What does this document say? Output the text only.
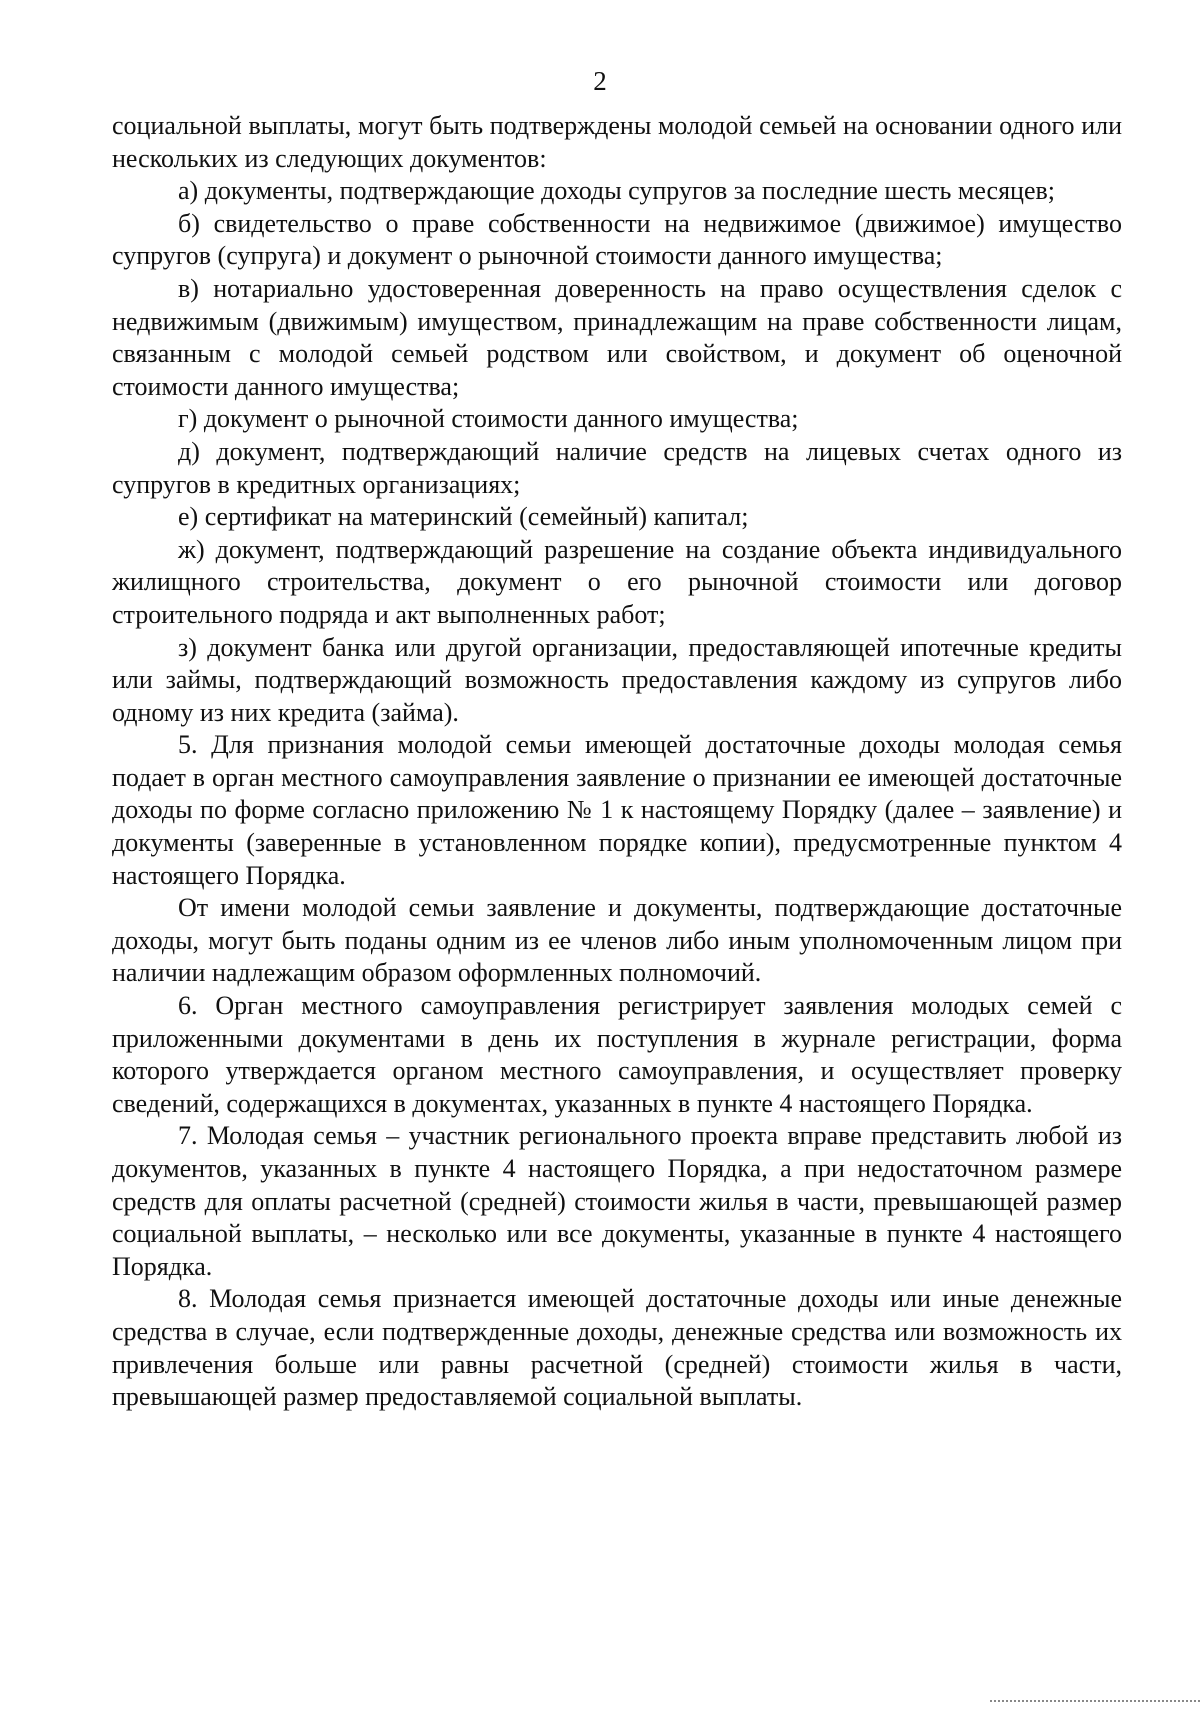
2

социальной выплаты, могут быть подтверждены молодой семьей на основании одного или нескольких из следующих документов:

а) документы, подтверждающие доходы супругов за последние шесть месяцев;

б) свидетельство о праве собственности на недвижимое (движимое) имущество супругов (супруга) и документ о рыночной стоимости данного имущества;

в) нотариально удостоверенная доверенность на право осуществления сделок с недвижимым (движимым) имуществом, принадлежащим на праве собственности лицам, связанным с молодой семьей родством или свойством, и документ об оценочной стоимости данного имущества;

г) документ о рыночной стоимости данного имущества;

д) документ, подтверждающий наличие средств на лицевых счетах одного из супругов в кредитных организациях;

е) сертификат на материнский (семейный) капитал;

ж) документ, подтверждающий разрешение на создание объекта индивидуального жилищного строительства, документ о его рыночной стоимости или договор строительного подряда и акт выполненных работ;

з) документ банка или другой организации, предоставляющей ипотечные кредиты или займы, подтверждающий возможность предоставления каждому из супругов либо одному из них кредита (займа).

5. Для признания молодой семьи имеющей достаточные доходы молодая семья подает в орган местного самоуправления заявление о признании ее имеющей достаточные доходы по форме согласно приложению № 1 к настоящему Порядку (далее – заявление) и документы (заверенные в установленном порядке копии), предусмотренные пунктом 4 настоящего Порядка.

От имени молодой семьи заявление и документы, подтверждающие достаточные доходы, могут быть поданы одним из ее членов либо иным уполномоченным лицом при наличии надлежащим образом оформленных полномочий.

6. Орган местного самоуправления регистрирует заявления молодых семей с приложенными документами в день их поступления в журнале регистрации, форма которого утверждается органом местного самоуправления, и осуществляет проверку сведений, содержащихся в документах, указанных в пункте 4 настоящего Порядка.

7. Молодая семья – участник регионального проекта вправе представить любой из документов, указанных в пункте 4 настоящего Порядка, а при недостаточном размере средств для оплаты расчетной (средней) стоимости жилья в части, превышающей размер социальной выплаты, – несколько или все документы, указанные в пункте 4 настоящего Порядка.

8. Молодая семья признается имеющей достаточные доходы или иные денежные средства в случае, если подтвержденные доходы, денежные средства или возможность их привлечения больше или равны расчетной (средней) стоимости жилья в части, превышающей размер предоставляемой социальной выплаты.
